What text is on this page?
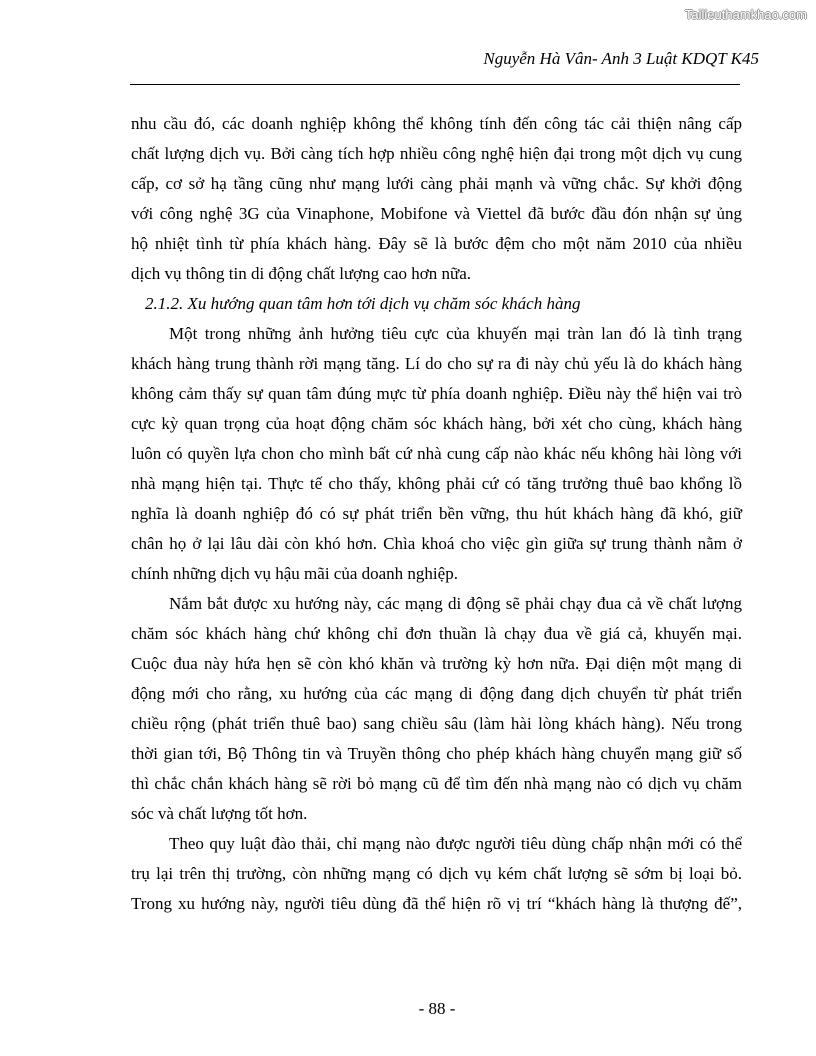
Tailieuthamkhao.com
Nguyễn Hà Vân- Anh 3 Luật KDQT K45
nhu cầu đó, các doanh nghiệp không thể không tính đến công tác cải thiện nâng cấp
chất lượng dịch vụ. Bởi càng tích hợp nhiều công nghệ hiện đại trong một dịch vụ cung
cấp, cơ sở hạ tầng cũng như mạng lưới càng phải mạnh và vững chắc. Sự khởi động
với công nghệ 3G của Vinaphone, Mobifone và Viettel đã bước đầu đón nhận sự ủng
hộ nhiệt tình từ phía khách hàng. Đây sẽ là bước đệm cho một năm 2010 của nhiều
dịch vụ thông tin di động chất lượng cao hơn nữa.
2.1.2. Xu hướng quan tâm hơn tới dịch vụ chăm sóc khách hàng
Một trong những ảnh hưởng tiêu cực của khuyến mại tràn lan đó là tình trạng
khách hàng trung thành rời mạng tăng. Lí do cho sự ra đi này chủ yếu là do khách hàng
không cảm thấy sự quan tâm đúng mực từ phía doanh nghiệp. Điều này thể hiện vai trò
cực kỳ quan trọng của hoạt động chăm sóc khách hàng, bởi xét cho cùng, khách hàng
luôn có quyền lựa chon cho mình bất cứ nhà cung cấp nào khác nếu không hài lòng với
nhà mạng hiện tại. Thực tế cho thấy, không phải cứ có tăng trưởng thuê bao khổng lồ
nghĩa là doanh nghiệp đó có sự phát triển bền vững, thu hút khách hàng đã khó, giữ
chân họ ở lại lâu dài còn khó hơn. Chìa khoá cho việc gìn giữa sự trung thành nằm ở
chính những dịch vụ hậu mãi của doanh nghiệp.
Nắm bắt được xu hướng này, các mạng di động sẽ phải chạy đua cả về chất lượng
chăm sóc khách hàng chứ không chỉ đơn thuần là chạy đua về giá cả, khuyến mại.
Cuộc đua này hứa hẹn sẽ còn khó khăn và trường kỳ hơn nữa. Đại diện một mạng di
động mới cho rằng, xu hướng của các mạng di động đang dịch chuyển từ phát triển
chiều rộng (phát triển thuê bao) sang chiều sâu (làm hài lòng khách hàng). Nếu trong
thời gian tới, Bộ Thông tin và Truyền thông cho phép khách hàng chuyển mạng giữ số
thì chắc chắn khách hàng sẽ rời bỏ mạng cũ để tìm đến nhà mạng nào có dịch vụ chăm
sóc và chất lượng tốt hơn.
Theo quy luật đào thải, chỉ mạng nào được người tiêu dùng chấp nhận mới có thể
trụ lại trên thị trường, còn những mạng có dịch vụ kém chất lượng sẽ sớm bị loại bỏ.
Trong xu hướng này, người tiêu dùng đã thể hiện rõ vị trí “khách hàng là thượng đế”,
- 88 -
